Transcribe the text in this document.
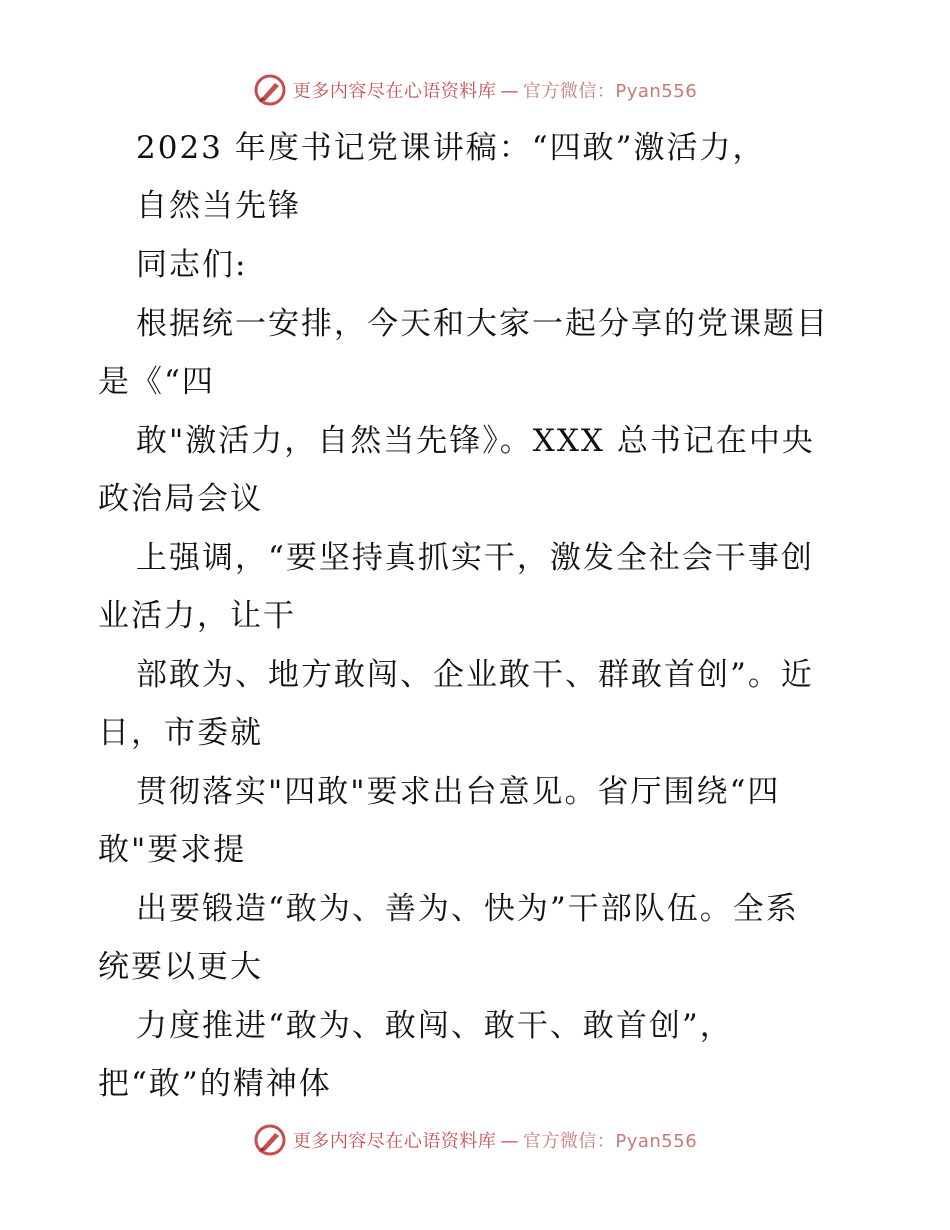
更多内容尽在心语资料库 — 官方微信：Pyan556
2023 年度书记党课讲稿：“四敢”激活力，
自然当先锋
同志们:
根据统一安排，今天和大家一起分享的党课题目
是《“四
敢"激活力，自然当先锋》。XXX 总书记在中央
政治局会议
上强调，“要坚持真抓实干，激发全社会干事创
业活力，让干
部敢为、地方敢闯、企业敢干、群敢首创”。近
日，市委就
贯彻落实"四敢"要求出台意见。省厅围绕“四
敢"要求提
出要锻造“敢为、善为、快为”干部队伍。全系
统要以更大
力度推进“敢为、敢闯、敢干、敢首创”，
把“敢”的精神体
更多内容尽在心语资料库 — 官方微信：Pyan556
